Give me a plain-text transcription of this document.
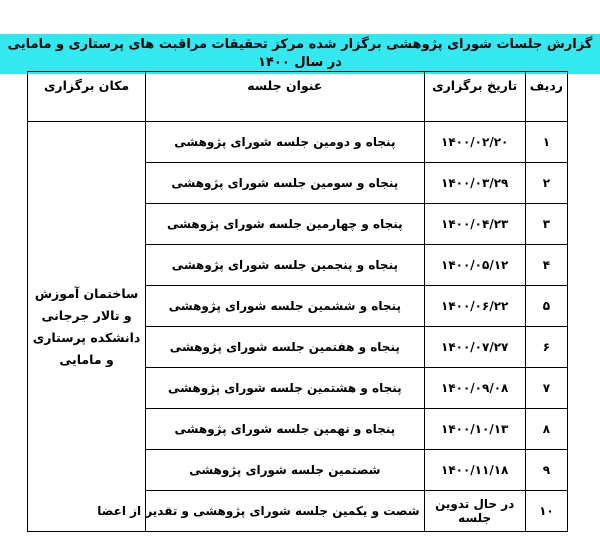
گزارش جلسات شورای پژوهشی برگزار شده مرکز تحقیقات مراقبت های پرستاری و مامایی در سال ۱۴۰۰
ردیف	تاریخ برگزاری	عنوان جلسه	مکان برگزاری
۱	۱۴۰۰/۰۲/۲۰	پنجاه و دومین جلسه شورای پژوهشی	ساختمان آموزش و تالار جرجانی دانشکده پرستاری و مامایی
۲	۱۴۰۰/۰۳/۲۹	پنجاه و سومین جلسه شورای پژوهشی	
۳	۱۴۰۰/۰۴/۲۳	پنجاه و چهارمین جلسه شورای پژوهشی	
۴	۱۴۰۰/۰۵/۱۲	پنجاه و پنجمین جلسه شورای پژوهشی	
۵	۱۴۰۰/۰۶/۲۲	پنجاه و ششمین جلسه شورای پژوهشی	
۶	۱۴۰۰/۰۷/۲۷	پنجاه و هفتمین جلسه شورای پژوهشی	
۷	۱۴۰۰/۰۹/۰۸	پنجاه و هشتمین جلسه شورای پژوهشی	
۸	۱۴۰۰/۱۰/۱۳	پنجاه و نهمین جلسه شورای پژوهشی	
۹	۱۴۰۰/۱۱/۱۸	شصتمین جلسه شورای پژوهشی	
۱۰	در حال تدوین جلسه	شصت و یکمین جلسه شورای پژوهشی و تقدیر از اعضا	
